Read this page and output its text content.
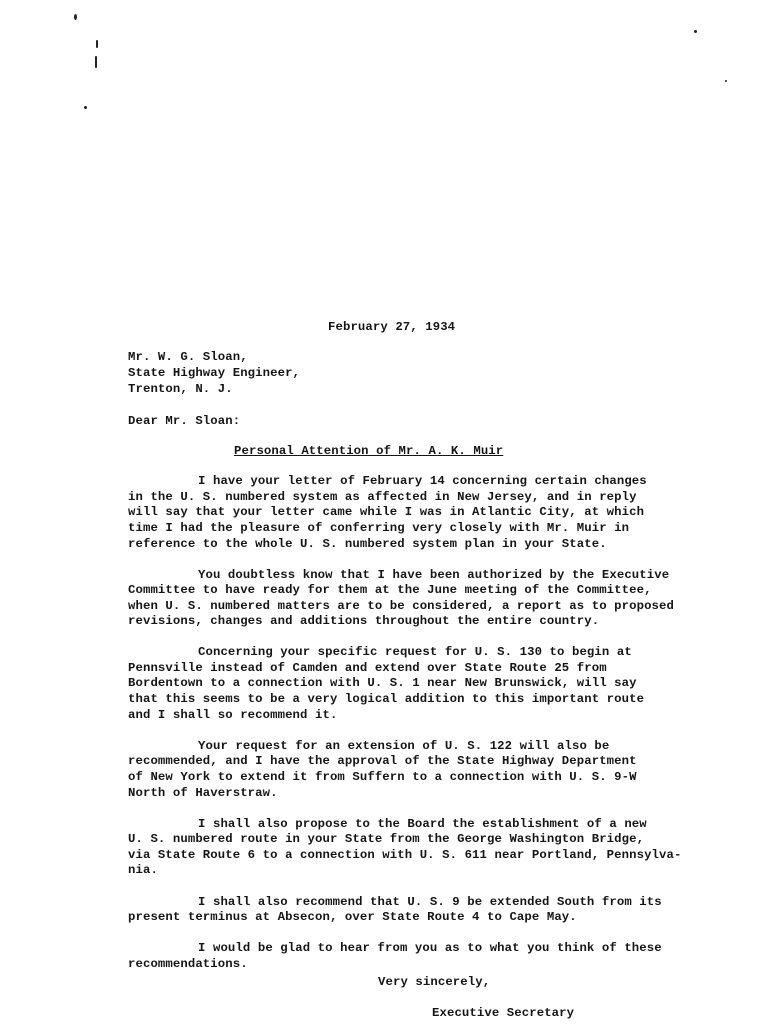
February 27, 1934
Mr. W. G. Sloan,
State Highway Engineer,
Trenton, N. J.
Dear Mr. Sloan:
Personal Attention of Mr. A. K. Muir
I have your letter of February 14 concerning certain changes
in the U. S. numbered system as affected in New Jersey, and in reply
will say that your letter came while I was in Atlantic City, at which
time I had the pleasure of conferring very closely with Mr. Muir in
reference to the whole U. S. numbered system plan in your State.
You doubtless know that I have been authorized by the Executive
Committee to have ready for them at the June meeting of the Committee,
when U. S. numbered matters are to be considered, a report as to proposed
revisions, changes and additions throughout the entire country.
Concerning your specific request for U. S. 130 to begin at
Pennsville instead of Camden and extend over State Route 25 from
Bordentown to a connection with U. S. 1 near New Brunswick, will say
that this seems to be a very logical addition to this important route
and I shall so recommend it.
Your request for an extension of U. S. 122 will also be
recommended, and I have the approval of the State Highway Department
of New York to extend it from Suffern to a connection with U. S. 9-W
North of Haverstraw.
I shall also propose to the Board the establishment of a new
U. S. numbered route in your State from the George Washington Bridge,
via State Route 6 to a connection with U. S. 611 near Portland, Pennsylva-
nia.
I shall also recommend that U. S. 9 be extended South from its
present terminus at Absecon, over State Route 4 to Cape May.
I would be glad to hear from you as to what you think of these
recommendations.
Very sincerely,
Executive Secretary
